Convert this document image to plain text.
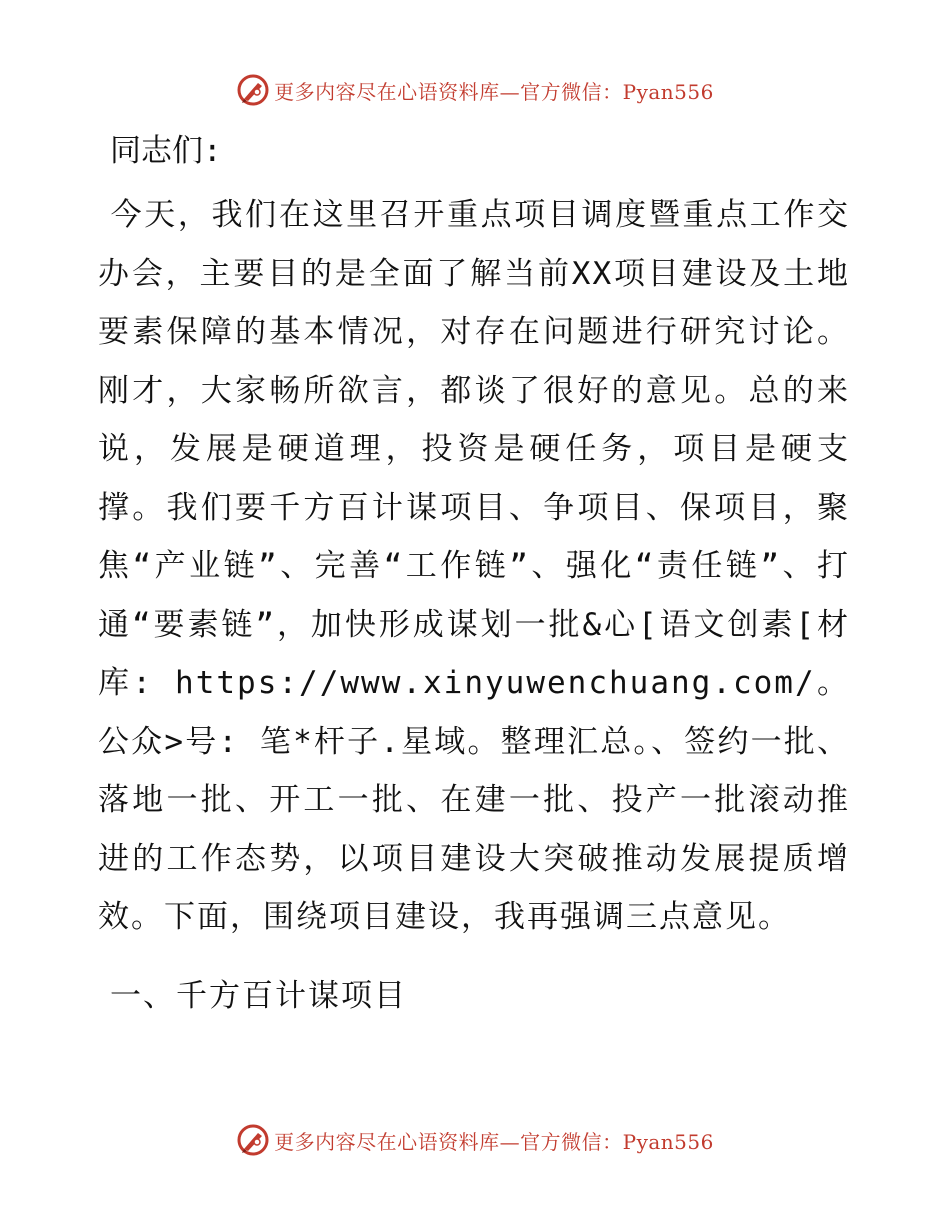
更多内容尽在心语资料库—官方微信：Pyan556

同志们:

今天，我们在这里召开重点项目调度暨重点工作交办会，主要目的是全面了解当前XX项目建设及土地要素保障的基本情况，对存在问题进行研究讨论。刚才，大家畅所欲言，都谈了很好的意见。总的来说，发展是硬道理，投资是硬任务，项目是硬支撑。我们要千方百计谋项目、争项目、保项目，聚焦“产业链”、完善“工作链”、强化“责任链”、打通“要素链”，加快形成谋划一批&心[语文创素[材库: https://www.xinyuwenchuang.com/。公众>号: 笔*杆子.星域。整理汇总。、签约一批、落地一批、开工一批、在建一批、投产一批滚动推进的工作态势，以项目建设大突破推动发展提质增效。下面，围绕项目建设，我再强调三点意见。

一、千方百计谋项目

更多内容尽在心语资料库—官方微信：Pyan556
